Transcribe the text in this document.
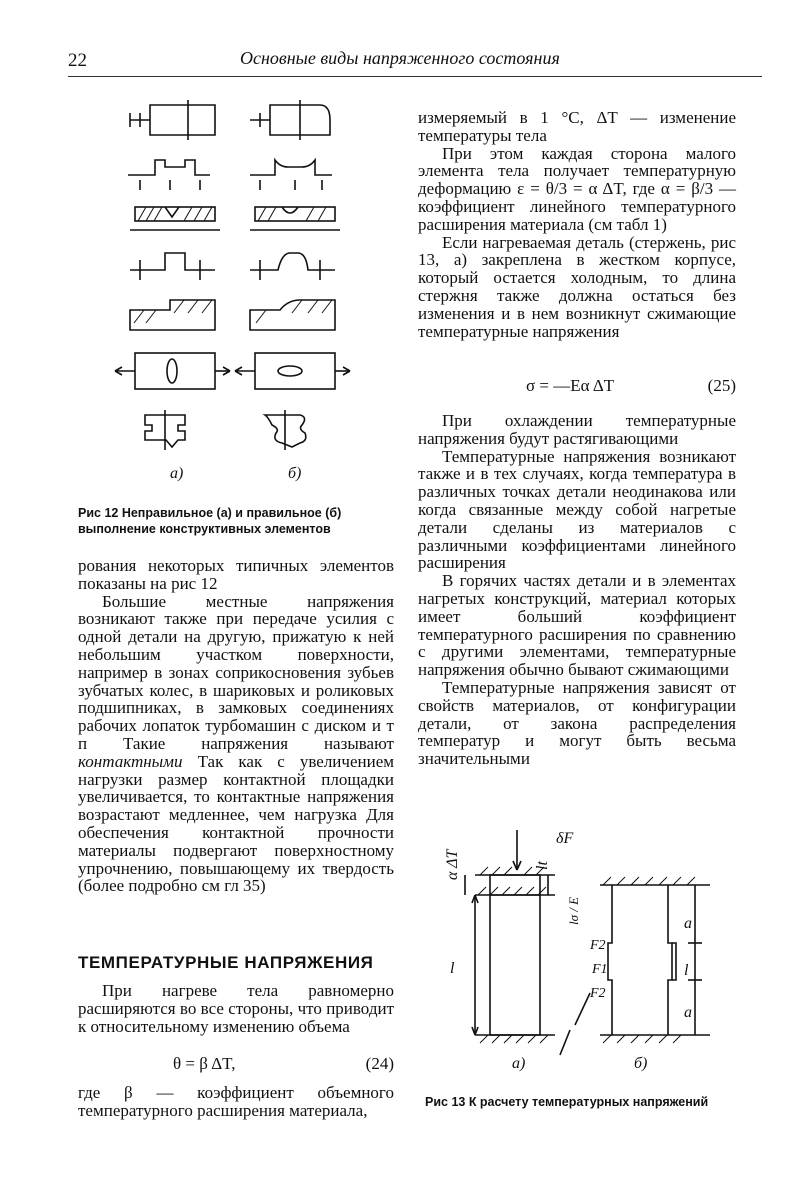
22	Основные виды напряженного состояния
а)	б)
Рис 12 Неправильное (а) и правильное (б) выполнение конструктивных элементов

рования некоторых типичных элементов показаны на рис 12

Большие местные напряжения возникают также при передаче усилия с одной детали на другую, прижатую к ней небольшим участком поверхности, например в зонах соприкосновения зубьев зубчатых колес, в шариковых и роликовых подшипниках, в замковых соединениях рабочих лопаток турбомашин с диском и т п Такие напряжения называют контактными Так как с увеличением нагрузки размер контактной площадки увеличивается, то контактные напряжения возрастают медленнее, чем нагрузка Для обеспечения контактной прочности материалы подвергают поверхностному упрочнению, повышающему их твердость (более подробно см гл 35)

ТЕМПЕРАТУРНЫЕ НАПРЯЖЕНИЯ

При нагреве тела равномерно расширяются во все стороны, что приводит к относительному изменению объема

θ = β ΔT,	(24)

где β — коэффициент объемного температурного расширения материала,

измеряемый в 1 °C, ΔT — изменение температуры тела

При этом каждая сторона малого элемента тела получает температурную деформацию ε = θ/3 = α ΔT, где α = β/3 — коэффициент линейного температурного расширения материала (см табл 1)

Если нагреваемая деталь (стержень, рис 13, а) закреплена в жестком корпусе, который остается холодным, то длина стержня также должна остаться без изменения и в нем возникнут сжимающие температурные напряжения

σ = —Eα ΔT	(25)

При охлаждении температурные напряжения будут растягивающими

Температурные напряжения возникают также и в тех случаях, когда температура в различных точках детали неодинакова или когда связанные между собой нагретые детали сделаны из материалов с различными коэффициентами линейного расширения

В горячих частях детали и в элементах нагретых конструкций, материал которых имеет больший коэффициент температурного расширения по сравнению с другими элементами, температурные напряжения обычно бывают сжимающими

Температурные напряжения зависят от свойств материалов, от конфигурации детали, от закона распределения температур и могут быть весьма значительными

δF
α ΔT
l
lt
lσ / E
F2
F1
F2
a
l
a
а)	б)
Рис 13 К расчету температурных напряжений
